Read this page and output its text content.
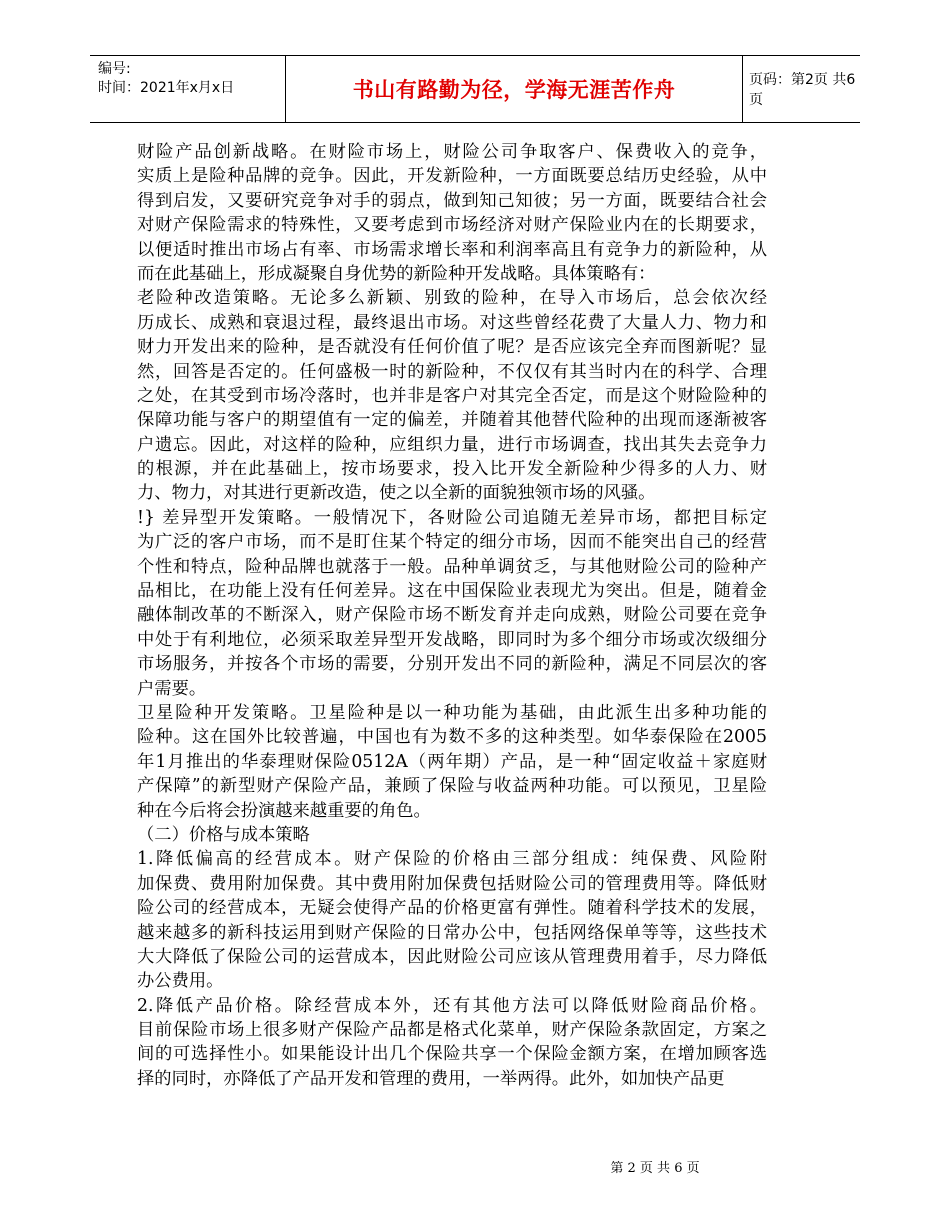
编号:
时间：2021年x月x日	书山有路勤为径，学海无涯苦作舟	页码：第2页 共6页
财险产品创新战略。在财险市场上，财险公司争取客户、保费收入的竞争，
实质上是险种品牌的竞争。因此，开发新险种，一方面既要总结历史经验，从中
得到启发，又要研究竞争对手的弱点，做到知己知彼；另一方面，既要结合社会
对财产保险需求的特殊性，又要考虑到市场经济对财产保险业内在的长期要求，
以便适时推出市场占有率、市场需求增长率和利润率高且有竞争力的新险种，从
而在此基础上，形成凝聚自身优势的新险种开发战略。具体策略有：
老险种改造策略。无论多么新颖、别致的险种，在导入市场后，总会依次经
历成长、成熟和衰退过程，最终退出市场。对这些曾经花费了大量人力、物力和
财力开发出来的险种，是否就没有任何价值了呢？是否应该完全弃而图新呢？显
然，回答是否定的。任何盛极一时的新险种，不仅仅有其当时内在的科学、合理
之处，在其受到市场冷落时，也并非是客户对其完全否定，而是这个财险险种的
保障功能与客户的期望值有一定的偏差，并随着其他替代险种的出现而逐渐被客
户遗忘。因此，对这样的险种，应组织力量，进行市场调查，找出其失去竞争力
的根源，并在此基础上，按市场要求，投入比开发全新险种少得多的人力、财
力、物力，对其进行更新改造，使之以全新的面貌独领市场的风骚。
!} 差异型开发策略。一般情况下，各财险公司追随无差异市场，都把目标定
为广泛的客户市场，而不是盯住某个特定的细分市场，因而不能突出自己的经营
个性和特点，险种品牌也就落于一般。品种单调贫乏，与其他财险公司的险种产
品相比，在功能上没有任何差异。这在中国保险业表现尤为突出。但是，随着金
融体制改革的不断深入，财产保险市场不断发育并走向成熟，财险公司要在竞争
中处于有利地位，必须采取差异型开发战略，即同时为多个细分市场或次级细分
市场服务，并按各个市场的需要，分别开发出不同的新险种，满足不同层次的客
户需要。
卫星险种开发策略。卫星险种是以一种功能为基础，由此派生出多种功能的
险种。这在国外比较普遍，中国也有为数不多的这种类型。如华泰保险在2005
年1月推出的华泰理财保险0512A（两年期）产品，是一种“固定收益＋家庭财
产保障”的新型财产保险产品，兼顾了保险与收益两种功能。可以预见，卫星险
种在今后将会扮演越来越重要的角色。
（二）价格与成本策略
1.降低偏高的经营成本。财产保险的价格由三部分组成：纯保费、风险附
加保费、费用附加保费。其中费用附加保费包括财险公司的管理费用等。降低财
险公司的经营成本，无疑会使得产品的价格更富有弹性。随着科学技术的发展，
越来越多的新科技运用到财产保险的日常办公中，包括网络保单等等，这些技术
大大降低了保险公司的运营成本，因此财险公司应该从管理费用着手，尽力降低
办公费用。
2.降低产品价格。除经营成本外，还有其他方法可以降低财险商品价格。
目前保险市场上很多财产保险产品都是格式化菜单，财产保险条款固定，方案之
间的可选择性小。如果能设计出几个保险共享一个保险金额方案，在增加顾客选
择的同时，亦降低了产品开发和管理的费用，一举两得。此外，如加快产品更
第 2 页 共 6 页
